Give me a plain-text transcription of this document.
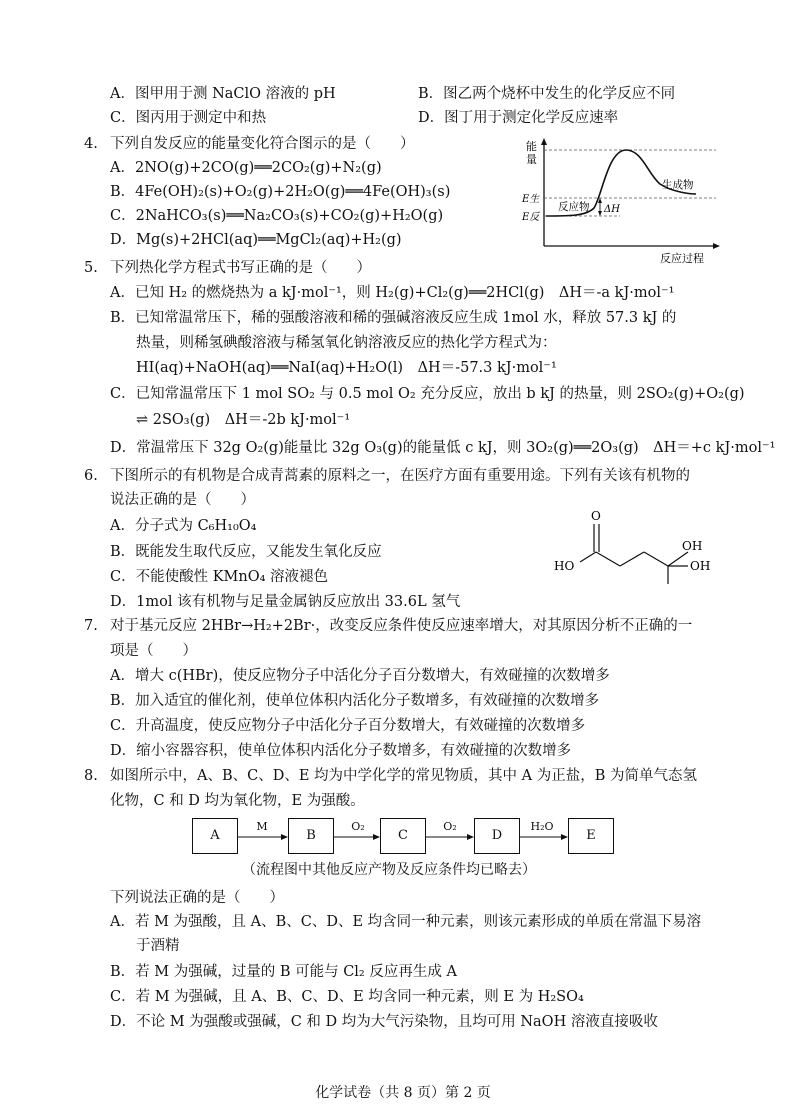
A．图甲用于测 NaClO 溶液的 pH	B．图乙两个烧杯中发生的化学反应不同
C．图丙用于测定中和热	D．图丁用于测定化学反应速率
4. 下列自发反应的能量变化符合图示的是（　　）
A．2NO(g)+2CO(g)══2CO₂(g)+N₂(g)
B．4Fe(OH)₂(s)+O₂(g)+2H₂O(g)══4Fe(OH)₃(s)
C．2NaHCO₃(s)══Na₂CO₃(s)+CO₂(g)+H₂O(g)
D．Mg(s)+2HCl(aq)══MgCl₂(aq)+H₂(g)
能
量
E生
E反
反应物
生成物
ΔH
反应过程
5. 下列热化学方程式书写正确的是（　　）
A．已知 H₂ 的燃烧热为 a kJ·mol⁻¹，则 H₂(g)+Cl₂(g)══2HCl(g)　ΔH＝-a kJ·mol⁻¹
B．已知常温常压下，稀的强酸溶液和稀的强碱溶液反应生成 1mol 水，释放 57.3 kJ 的
热量，则稀氢碘酸溶液与稀氢氧化钠溶液反应的热化学方程式为：
HI(aq)+NaOH(aq)══NaI(aq)+H₂O(l)　ΔH＝-57.3 kJ·mol⁻¹
C．已知常温常压下 1 mol SO₂ 与 0.5 mol O₂ 充分反应，放出 b kJ 的热量，则 2SO₂(g)+O₂(g)
⇌ 2SO₃(g)　ΔH＝-2b kJ·mol⁻¹
D．常温常压下 32g O₂(g)能量比 32g O₃(g)的能量低 c kJ，则 3O₂(g)══2O₃(g)　ΔH＝+c kJ·mol⁻¹
6. 下图所示的有机物是合成青蒿素的原料之一，在医疗方面有重要用途。下列有关该有机物的
说法正确的是（　　）
A．分子式为 C₆H₁₀O₄
B．既能发生取代反应，又能发生氧化反应
C．不能使酸性 KMnO₄ 溶液褪色
D．1mol 该有机物与足量金属钠反应放出 33.6L 氢气
O
HO
OH
OH
7. 对于基元反应 2HBr→H₂+2Br·，改变反应条件使反应速率增大，对其原因分析不正确的一
项是（　　）
A．增大 c(HBr)，使反应物分子中活化分子百分数增大，有效碰撞的次数增多
B．加入适宜的催化剂，使单位体积内活化分子数增多，有效碰撞的次数增多
C．升高温度，使反应物分子中活化分子百分数增大，有效碰撞的次数增多
D．缩小容器容积，使单位体积内活化分子数增多，有效碰撞的次数增多
8. 如图所示中，A、B、C、D、E 均为中学化学的常见物质，其中 A 为正盐，B 为简单气态氢
化物，C 和 D 均为氧化物，E 为强酸。
A	B	C	D	E
M	O₂	O₂	H₂O
（流程图中其他反应产物及反应条件均已略去）
下列说法正确的是（　　）
A．若 M 为强酸，且 A、B、C、D、E 均含同一种元素，则该元素形成的单质在常温下易溶
于酒精
B．若 M 为强碱，过量的 B 可能与 Cl₂ 反应再生成 A
C．若 M 为强碱，且 A、B、C、D、E 均含同一种元素，则 E 为 H₂SO₄
D．不论 M 为强酸或强碱，C 和 D 均为大气污染物，且均可用 NaOH 溶液直接吸收
化学试卷（共 8 页）第 2 页
